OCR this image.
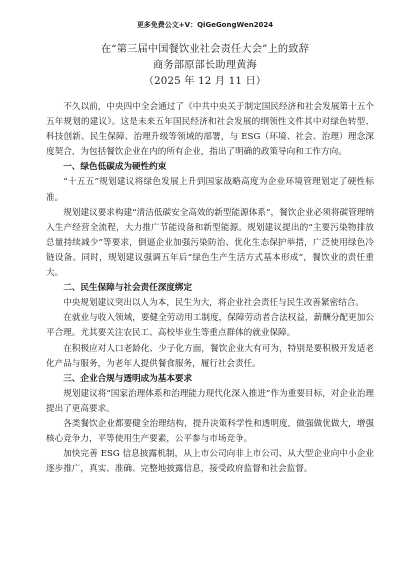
更多免费公文+V：QiGeGongWen2024
在“第三届中国餐饮业社会责任大会”上的致辞
商务部原部长助理黄海
（2025 年 12 月 11 日）

不久以前，中央四中全会通过了《中共中央关于制定国民经济和社会发展第十五个五年规划的建议》。这是未来五年国民经济和社会发展的纲领性文件其中对绿色转型、科技创新、民生保障、治理升级等领域的部署，与 ESG（环境、社会、治理）理念深度契合，为包括餐饮企业在内的所有企业，指出了明确的政策导向和工作方向。

一、绿色低碳成为硬性约束

“十五五”规划建议将绿色发展上升到国家战略高度为企业环境管理划定了硬性标准。

规划建议要求构建“清洁低碳安全高效的新型能源体系”，餐饮企业必须将碳管理纳入生产经营全流程，大力推广节能设备和新型能源。规划建议提出的“主要污染物排放总量持续减少”等要求，倒逼企业加强污染防治、优化生态保护举措，广泛使用绿色冷链设备。同时，规划建议强调五年后“绿色生产生活方式基本形成”，餐饮业的责任重大。

二、民生保障与社会责任深度绑定

中央规划建议突出以人为本，民生为大，将企业社会责任与民生改善紧密结合。

在就业与收入领域，要健全劳动用工制度，保障劳动者合法权益，薪酬分配更加公平合理。尤其要关注农民工、高校毕业生等重点群体的就业保障。

在积极应对人口老龄化、少子化方面，餐饮企业大有可为，特别是要积极开发适老化产品与服务，为老年人提供餐食服务，履行社会责任。

三、企业合规与透明成为基本要求

规划建议将“国家治理体系和治理能力现代化深入推进”作为重要目标，对企业治理提出了更高要求。

各类餐饮企业都要健全治理结构，提升决策科学性和透明度，做强做优做大，增强核心竞争力，平等使用生产要素，公平参与市场竞争。

加快完善 ESG 信息披露机制，从上市公司向非上市公司、从大型企业向中小企业逐步推广，真实、准确、完整地披露信息，接受政府监督和社会监督。
